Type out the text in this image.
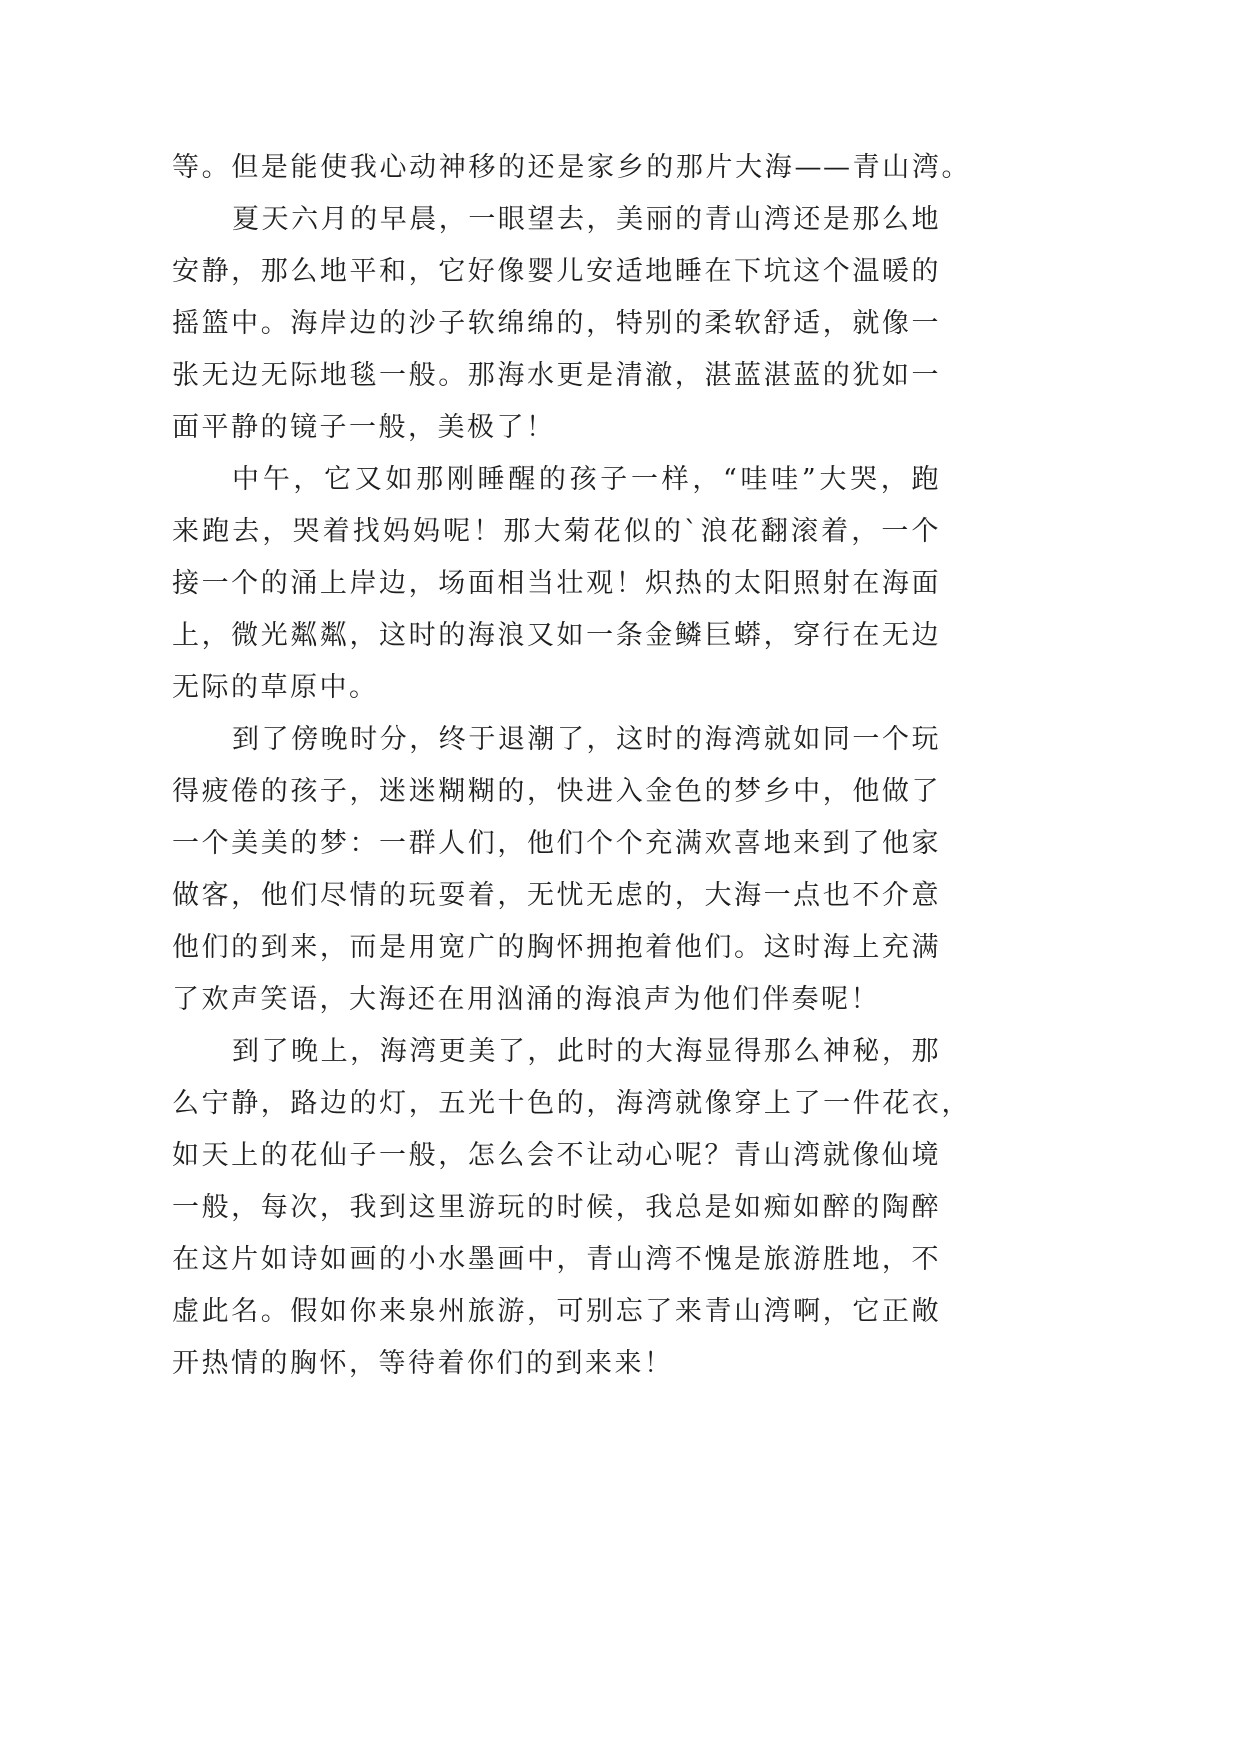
等。但是能使我心动神移的还是家乡的那片大海——青山湾。
夏天六月的早晨，一眼望去，美丽的青山湾还是那么地
安静，那么地平和，它好像婴儿安适地睡在下坑这个温暖的
摇篮中。海岸边的沙子软绵绵的，特别的柔软舒适，就像一
张无边无际地毯一般。那海水更是清澈，湛蓝湛蓝的犹如一
面平静的镜子一般，美极了！
中午，它又如那刚睡醒的孩子一样，“哇哇”大哭，跑
来跑去，哭着找妈妈呢！那大菊花似的`浪花翻滚着，一个
接一个的涌上岸边，场面相当壮观！炽热的太阳照射在海面
上，微光粼粼，这时的海浪又如一条金鳞巨蟒，穿行在无边
无际的草原中。
到了傍晚时分，终于退潮了，这时的海湾就如同一个玩
得疲倦的孩子，迷迷糊糊的，快进入金色的梦乡中，他做了
一个美美的梦：一群人们，他们个个充满欢喜地来到了他家
做客，他们尽情的玩耍着，无忧无虑的，大海一点也不介意
他们的到来，而是用宽广的胸怀拥抱着他们。这时海上充满
了欢声笑语，大海还在用汹涌的海浪声为他们伴奏呢！
到了晚上，海湾更美了，此时的大海显得那么神秘，那
么宁静，路边的灯，五光十色的，海湾就像穿上了一件花衣，
如天上的花仙子一般，怎么会不让动心呢？青山湾就像仙境
一般，每次，我到这里游玩的时候，我总是如痴如醉的陶醉
在这片如诗如画的小水墨画中，青山湾不愧是旅游胜地，不
虚此名。假如你来泉州旅游，可别忘了来青山湾啊，它正敞
开热情的胸怀，等待着你们的到来来！
